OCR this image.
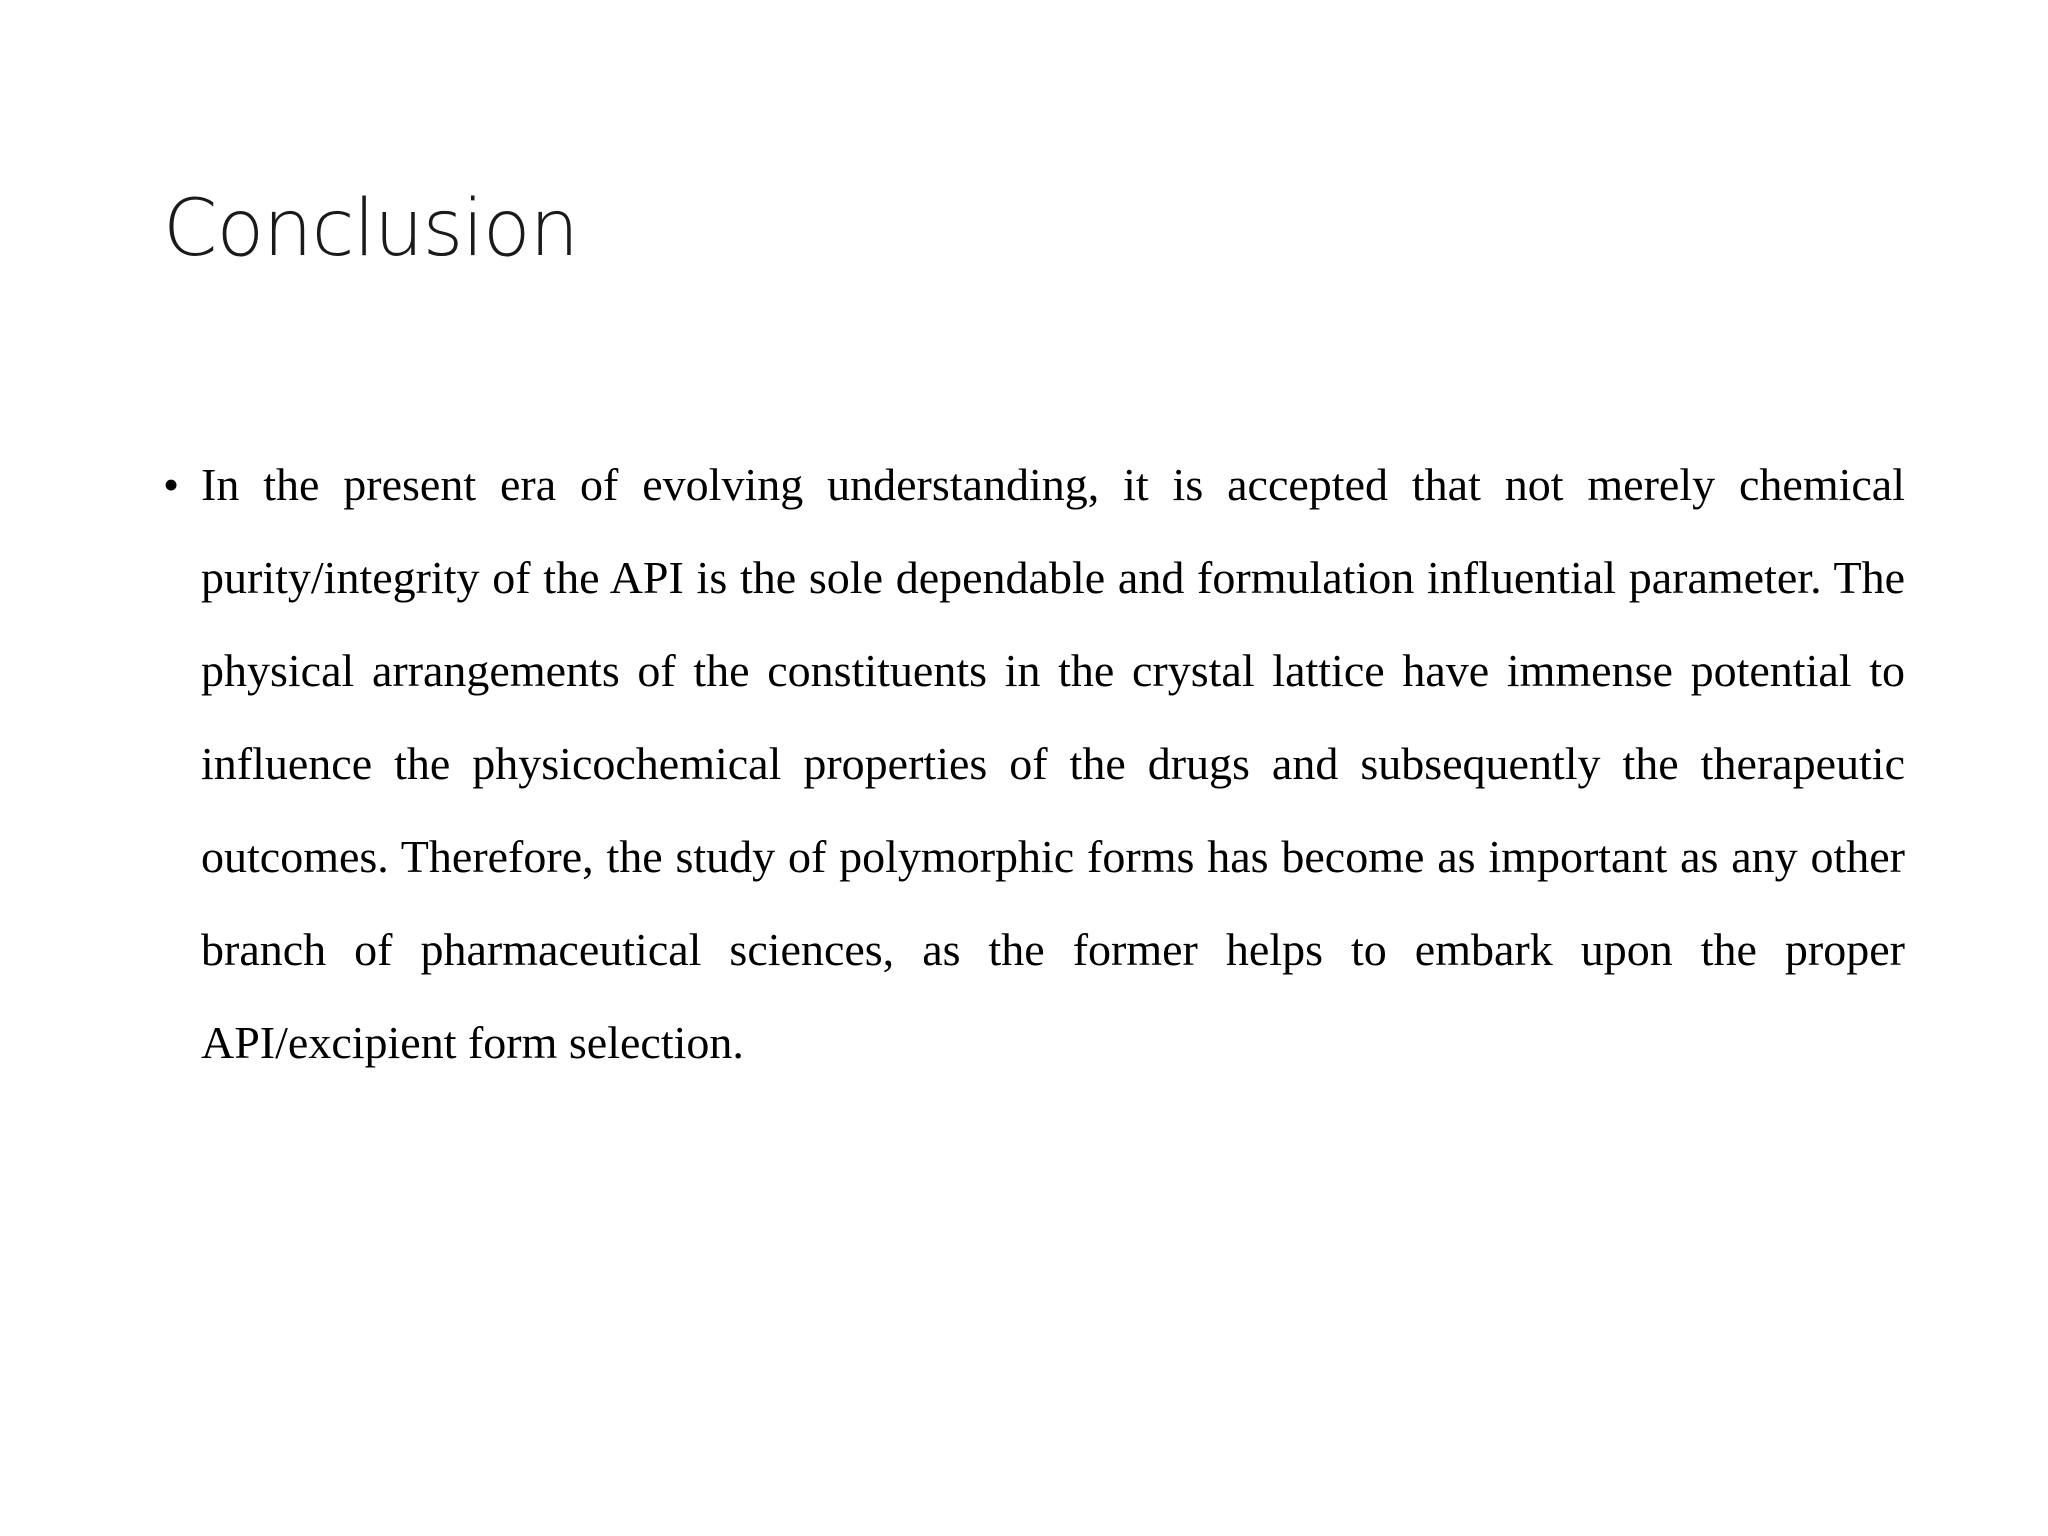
Conclusion
• In the present era of evolving understanding, it is accepted that not merely chemical purity/integrity of the API is the sole dependable and formulation influential parameter. The physical arrangements of the constituents in the crystal lattice have immense potential to influence the physicochemical properties of the drugs and subsequently the therapeutic outcomes. Therefore, the study of polymorphic forms has become as important as any other branch of pharmaceutical sciences, as the former helps to embark upon the proper API/excipient form selection.
